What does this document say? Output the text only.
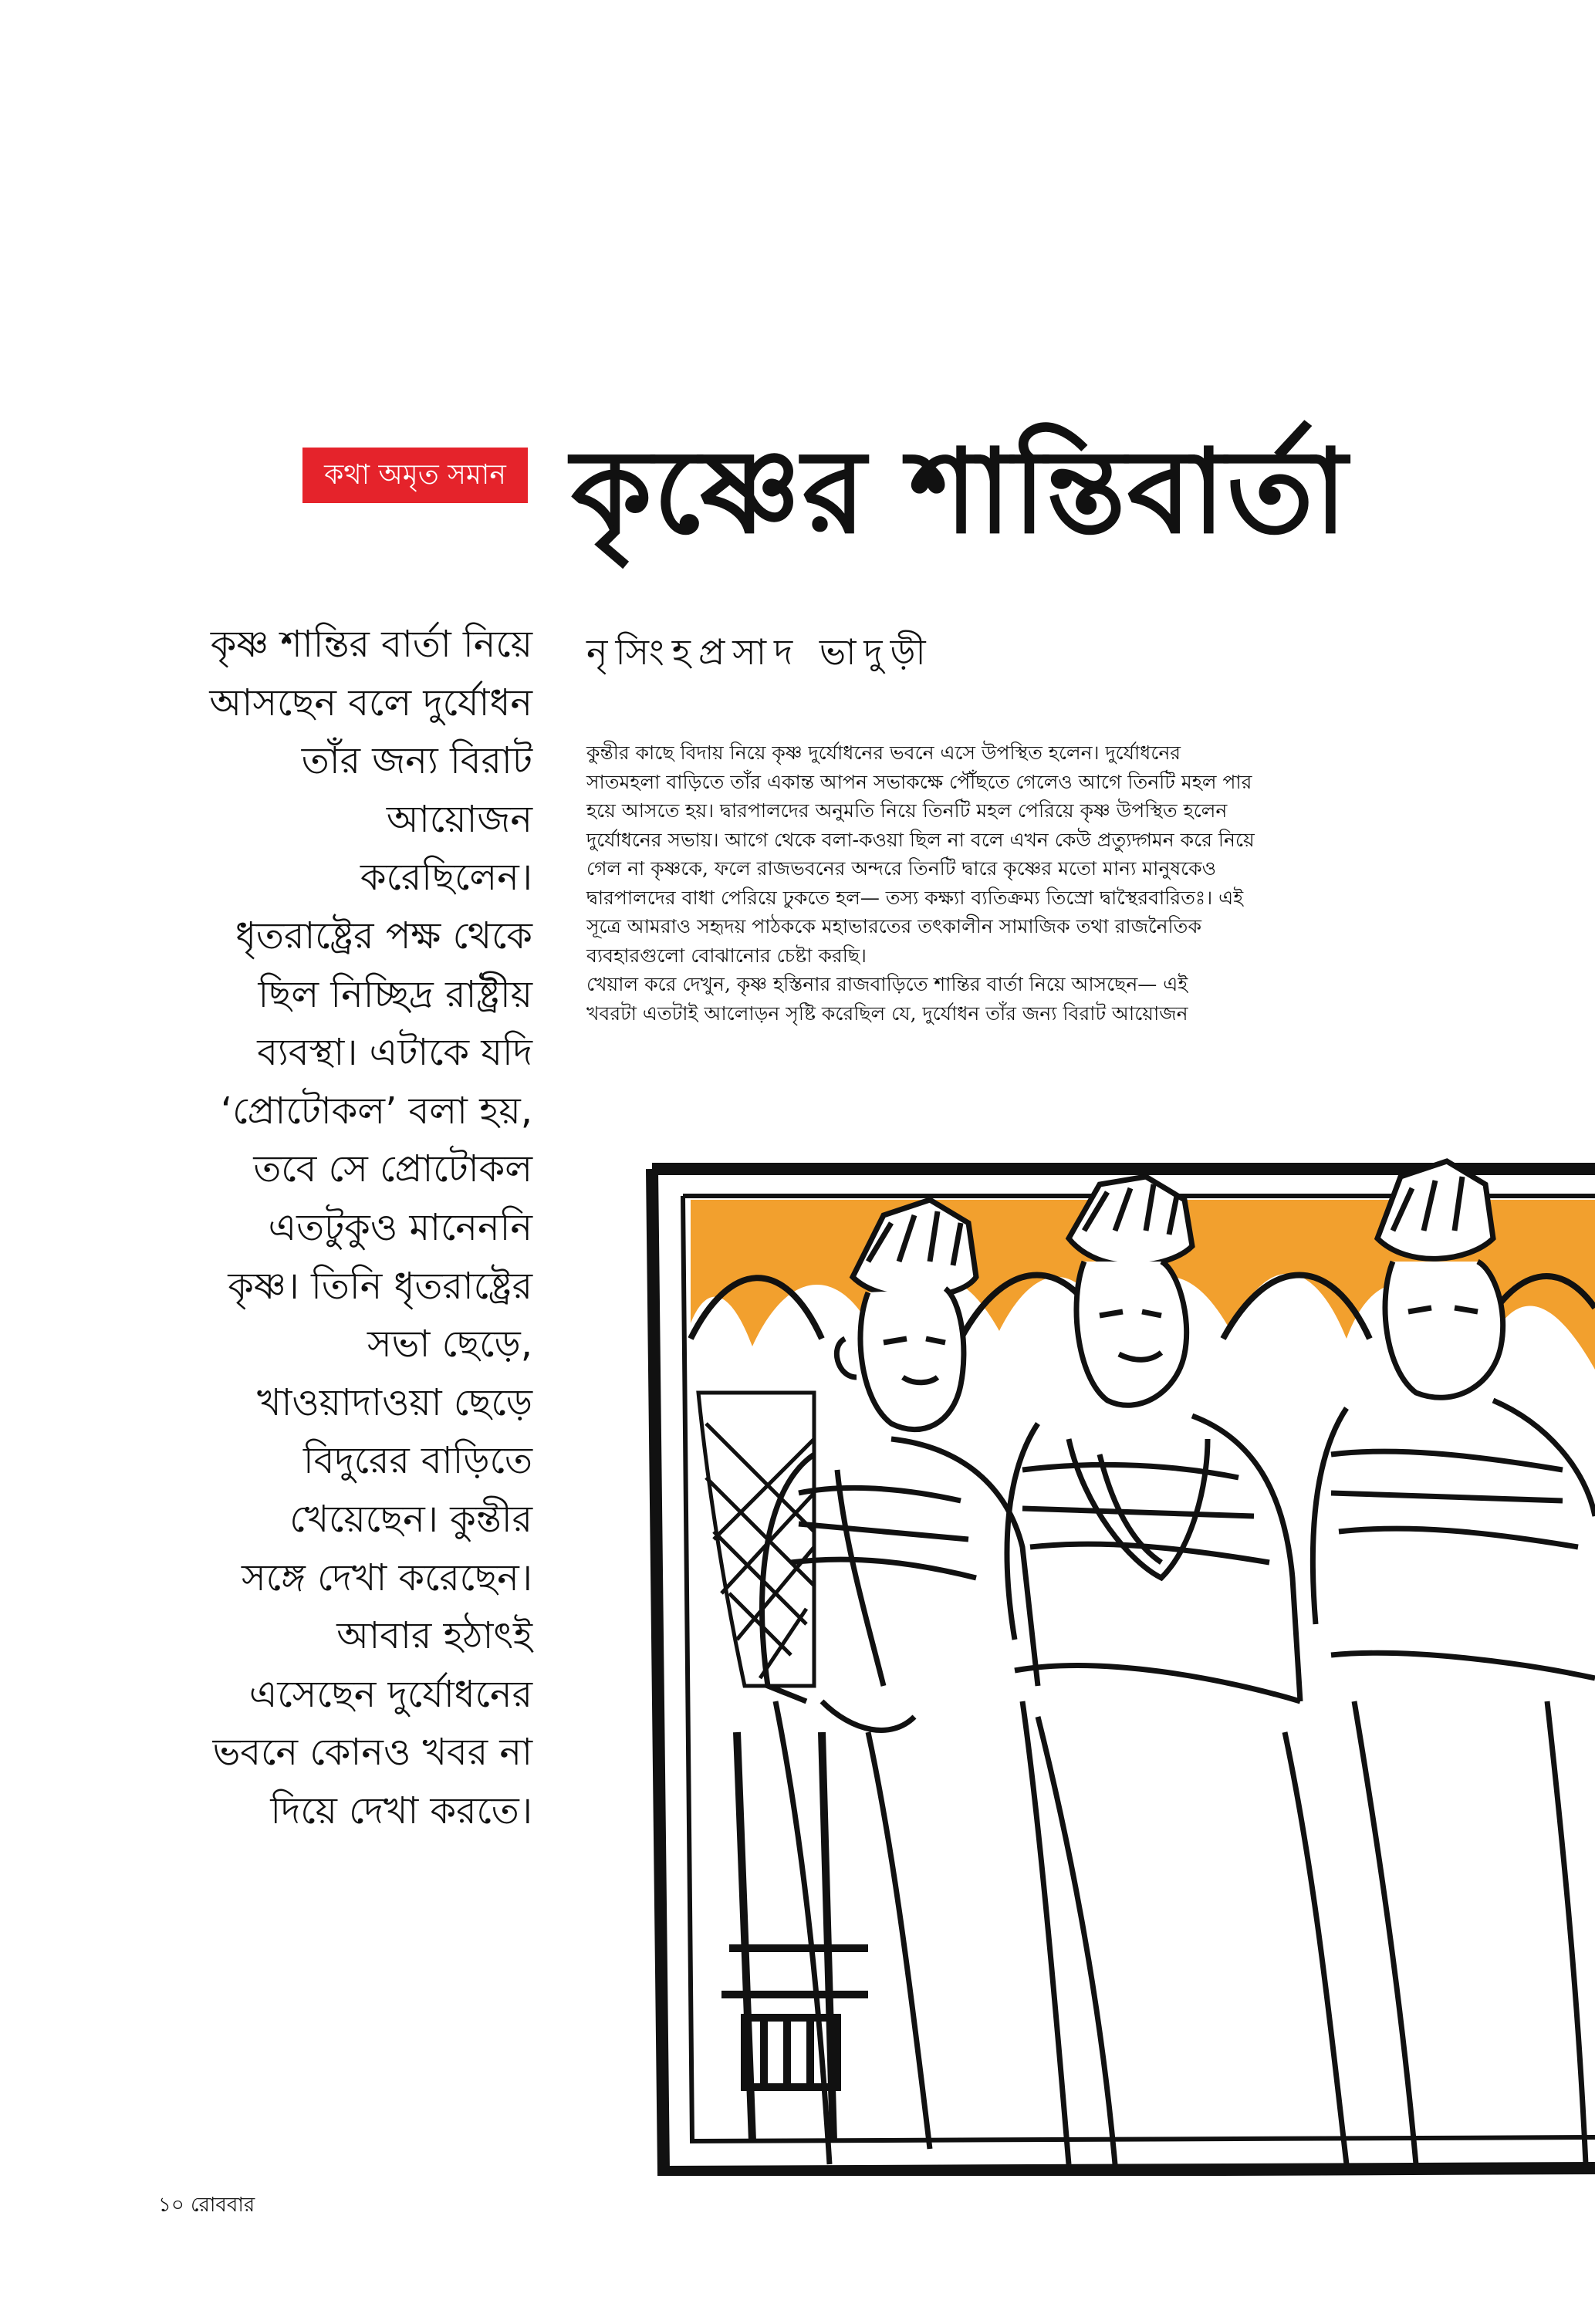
কথা অমৃত সমান কৃষ্ণের শান্তিবার্তা
কৃষ্ণ শান্তির বার্তা নিয়ে
আসছেন বলে দুর্যোধন
তাঁর জন্য বিরাট
আয়োজন
করেছিলেন।
ধৃতরাষ্ট্রের পক্ষ থেকে
ছিল নিচ্ছিদ্র রাষ্ট্রীয়
ব্যবস্থা। এটাকে যদি
‘প্রোটোকল’ বলা হয়,
তবে সে প্রোটোকল
এতটুকুও মানেননি
কৃষ্ণ। তিনি ধৃতরাষ্ট্রের
সভা ছেড়ে,
খাওয়াদাওয়া ছেড়ে
বিদুরের বাড়িতে
খেয়েছেন। কুন্তীর
সঙ্গে দেখা করেছেন।
আবার হঠাৎই
এসেছেন দুর্যোধনের
ভবনে কোনও খবর না
দিয়ে দেখা করতে।
নৃসিংহপ্রসাদ ভাদুড়ী
কুন্তীর কাছে বিদায় নিয়ে কৃষ্ণ দুর্যোধনের ভবনে এসে উপস্থিত হলেন। দুর্যোধনের
সাতমহলা বাড়িতে তাঁর একান্ত আপন সভাকক্ষে পৌঁছতে গেলেও আগে তিনটি মহল পার
হয়ে আসতে হয়। দ্বারপালদের অনুমতি নিয়ে তিনটি মহল পেরিয়ে কৃষ্ণ উপস্থিত হলেন
দুর্যোধনের সভায়। আগে থেকে বলা-কওয়া ছিল না বলে এখন কেউ প্রত্যুদ্গমন করে নিয়ে
গেল না কৃষ্ণকে, ফলে রাজভবনের অন্দরে তিনটি দ্বারে কৃষ্ণের মতো মান্য মানুষকেও
দ্বারপালদের বাধা পেরিয়ে ঢুকতে হল— তস্য কক্ষ্যা ব্যতিক্রম্য তিস্রো দ্বাস্থৈরবারিতঃ। এই
সূত্রে আমরাও সহৃদয় পাঠককে মহাভারতের তৎকালীন সামাজিক তথা রাজনৈতিক
ব্যবহারগুলো বোঝানোর চেষ্টা করছি।
খেয়াল করে দেখুন, কৃষ্ণ হস্তিনার রাজবাড়িতে শান্তির বার্তা নিয়ে আসছেন— এই
খবরটা এতটাই আলোড়ন সৃষ্টি করেছিল যে, দুর্যোধন তাঁর জন্য বিরাট আয়োজন
১০ রোববার
